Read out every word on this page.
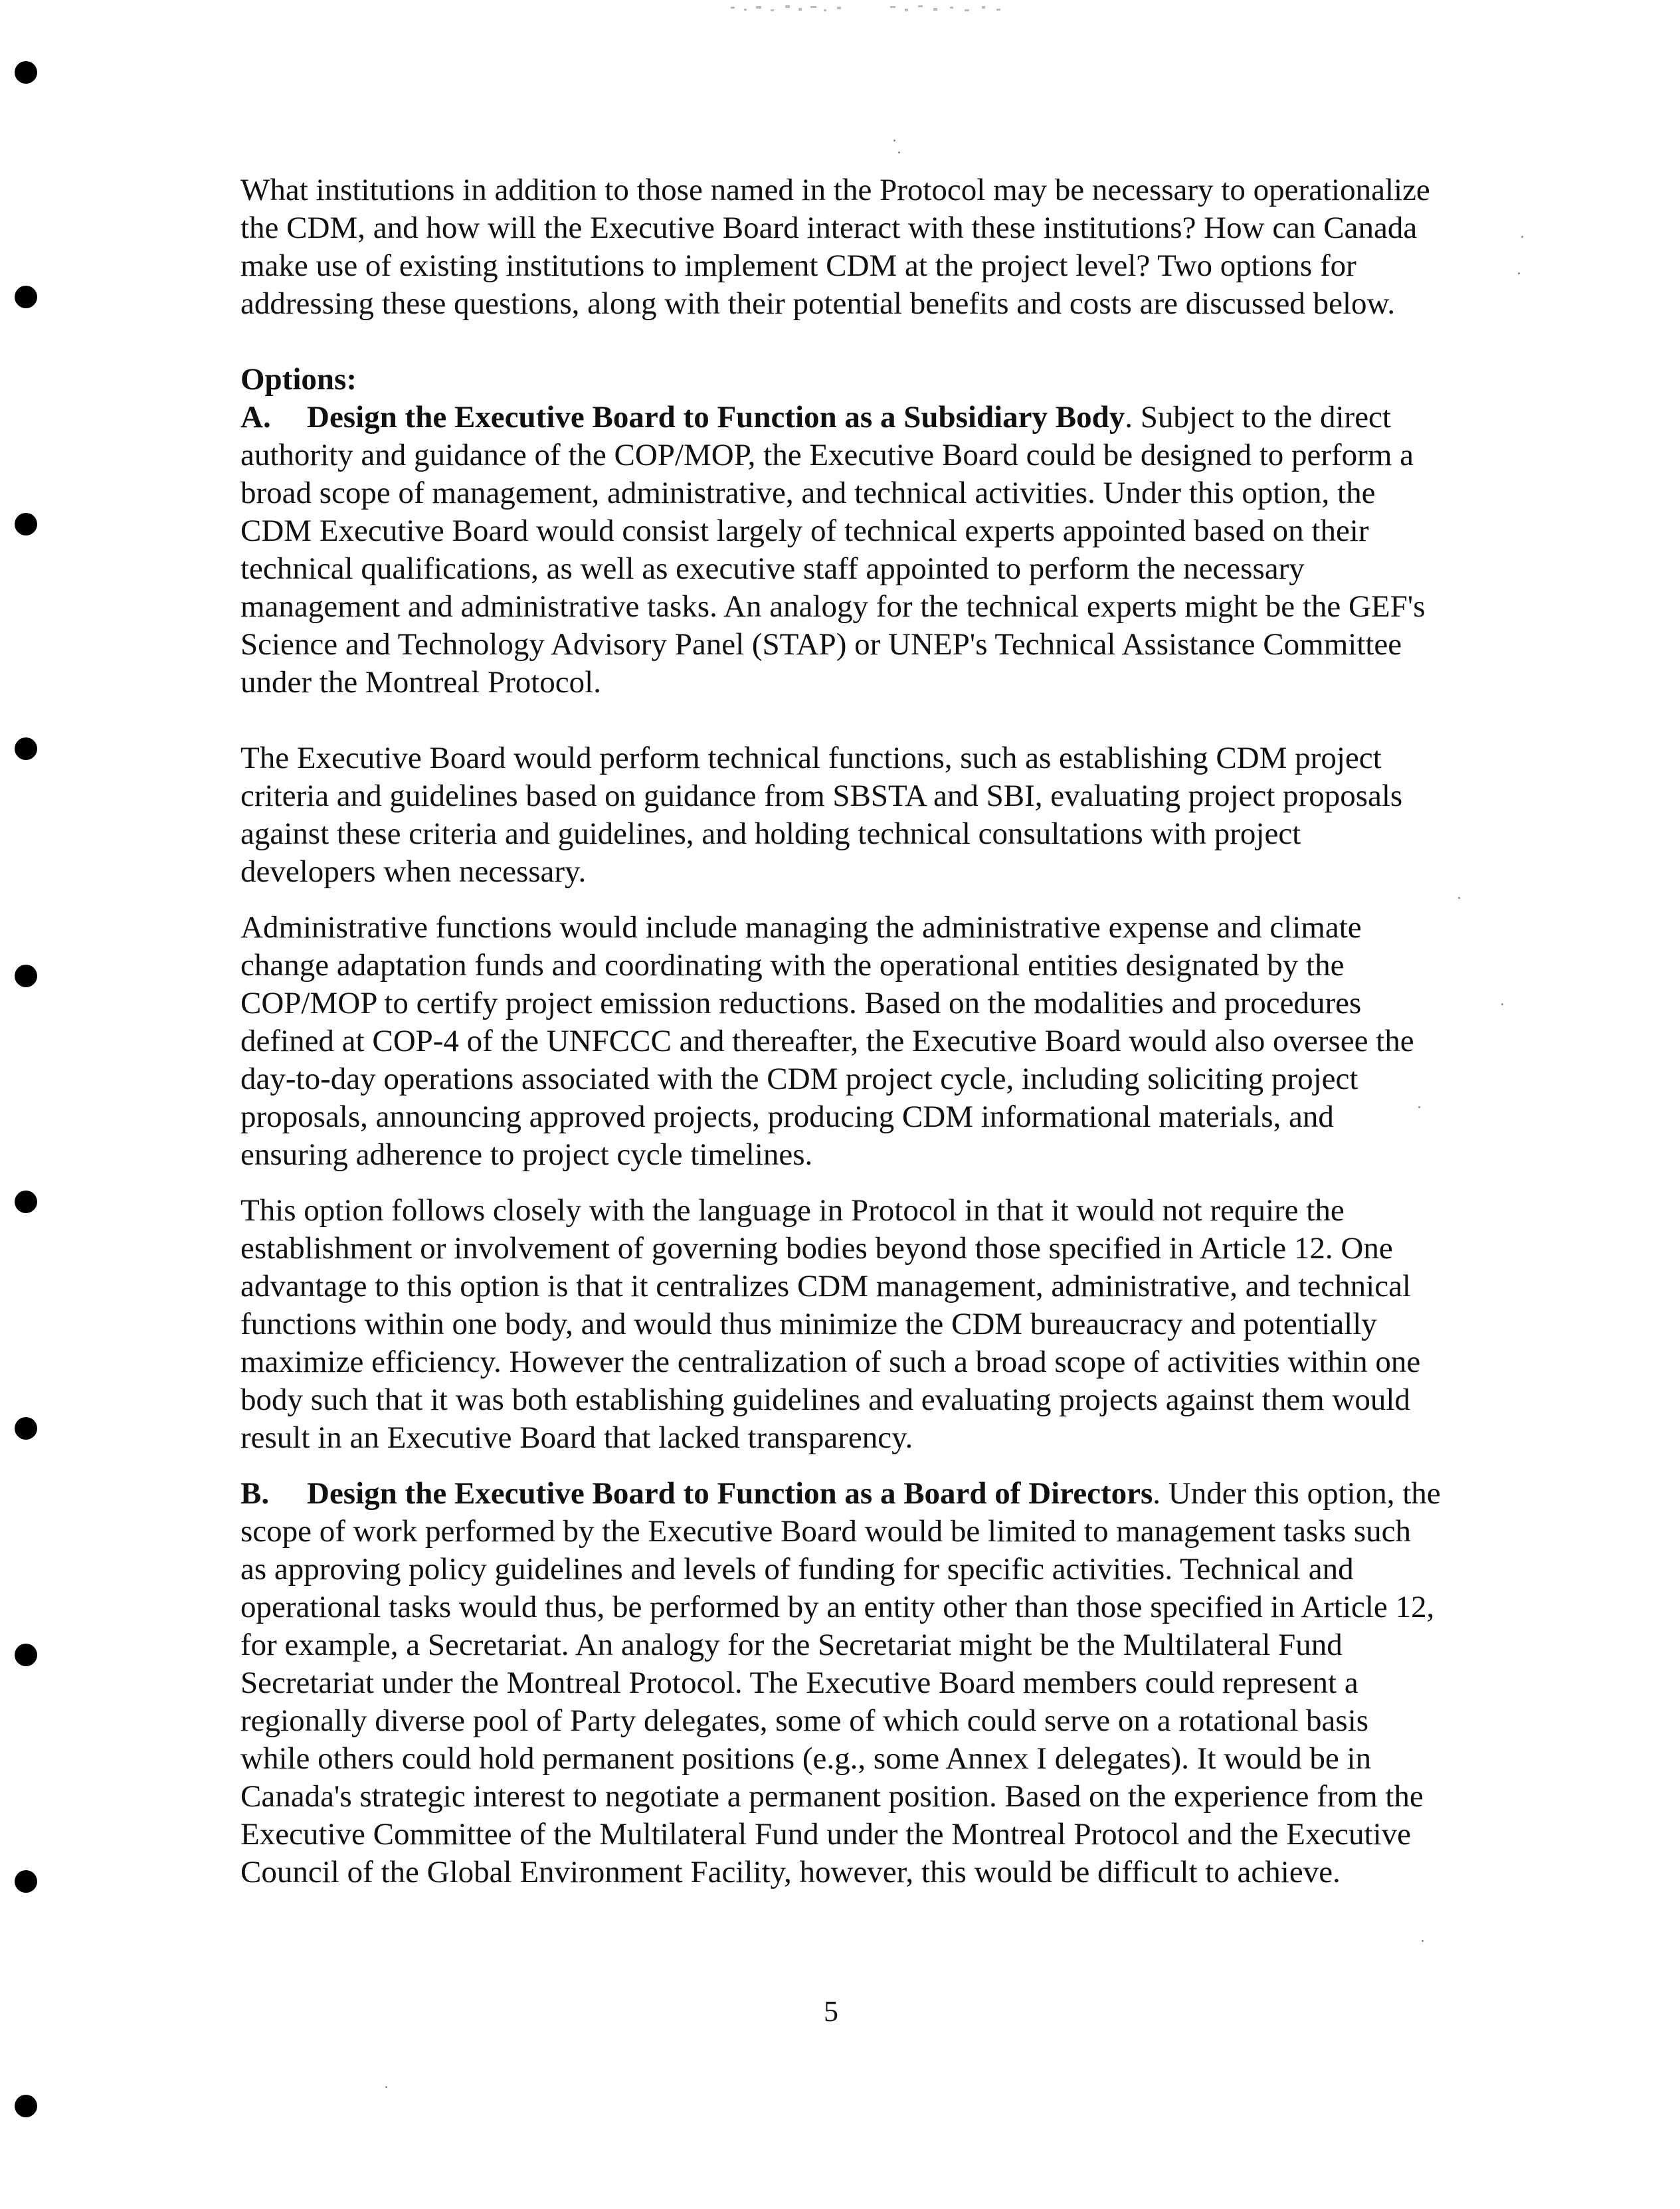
What institutions in addition to those named in the Protocol may be necessary to operationalize the CDM, and how will the Executive Board interact with these institutions? How can Canada make use of existing institutions to implement CDM at the project level? Two options for addressing these questions, along with their potential benefits and costs are discussed below.

Options:

A. Design the Executive Board to Function as a Subsidiary Body. Subject to the direct authority and guidance of the COP/MOP, the Executive Board could be designed to perform a broad scope of management, administrative, and technical activities. Under this option, the CDM Executive Board would consist largely of technical experts appointed based on their technical qualifications, as well as executive staff appointed to perform the necessary management and administrative tasks. An analogy for the technical experts might be the GEF's Science and Technology Advisory Panel (STAP) or UNEP's Technical Assistance Committee under the Montreal Protocol.

The Executive Board would perform technical functions, such as establishing CDM project criteria and guidelines based on guidance from SBSTA and SBI, evaluating project proposals against these criteria and guidelines, and holding technical consultations with project developers when necessary.

Administrative functions would include managing the administrative expense and climate change adaptation funds and coordinating with the operational entities designated by the COP/MOP to certify project emission reductions. Based on the modalities and procedures defined at COP-4 of the UNFCCC and thereafter, the Executive Board would also oversee the day-to-day operations associated with the CDM project cycle, including soliciting project proposals, announcing approved projects, producing CDM informational materials, and ensuring adherence to project cycle timelines.

This option follows closely with the language in Protocol in that it would not require the establishment or involvement of governing bodies beyond those specified in Article 12. One advantage to this option is that it centralizes CDM management, administrative, and technical functions within one body, and would thus minimize the CDM bureaucracy and potentially maximize efficiency. However the centralization of such a broad scope of activities within one body such that it was both establishing guidelines and evaluating projects against them would result in an Executive Board that lacked transparency.

B. Design the Executive Board to Function as a Board of Directors. Under this option, the scope of work performed by the Executive Board would be limited to management tasks such as approving policy guidelines and levels of funding for specific activities. Technical and operational tasks would thus, be performed by an entity other than those specified in Article 12, for example, a Secretariat. An analogy for the Secretariat might be the Multilateral Fund Secretariat under the Montreal Protocol. The Executive Board members could represent a regionally diverse pool of Party delegates, some of which could serve on a rotational basis while others could hold permanent positions (e.g., some Annex I delegates). It would be in Canada's strategic interest to negotiate a permanent position. Based on the experience from the Executive Committee of the Multilateral Fund under the Montreal Protocol and the Executive Council of the Global Environment Facility, however, this would be difficult to achieve.

5
